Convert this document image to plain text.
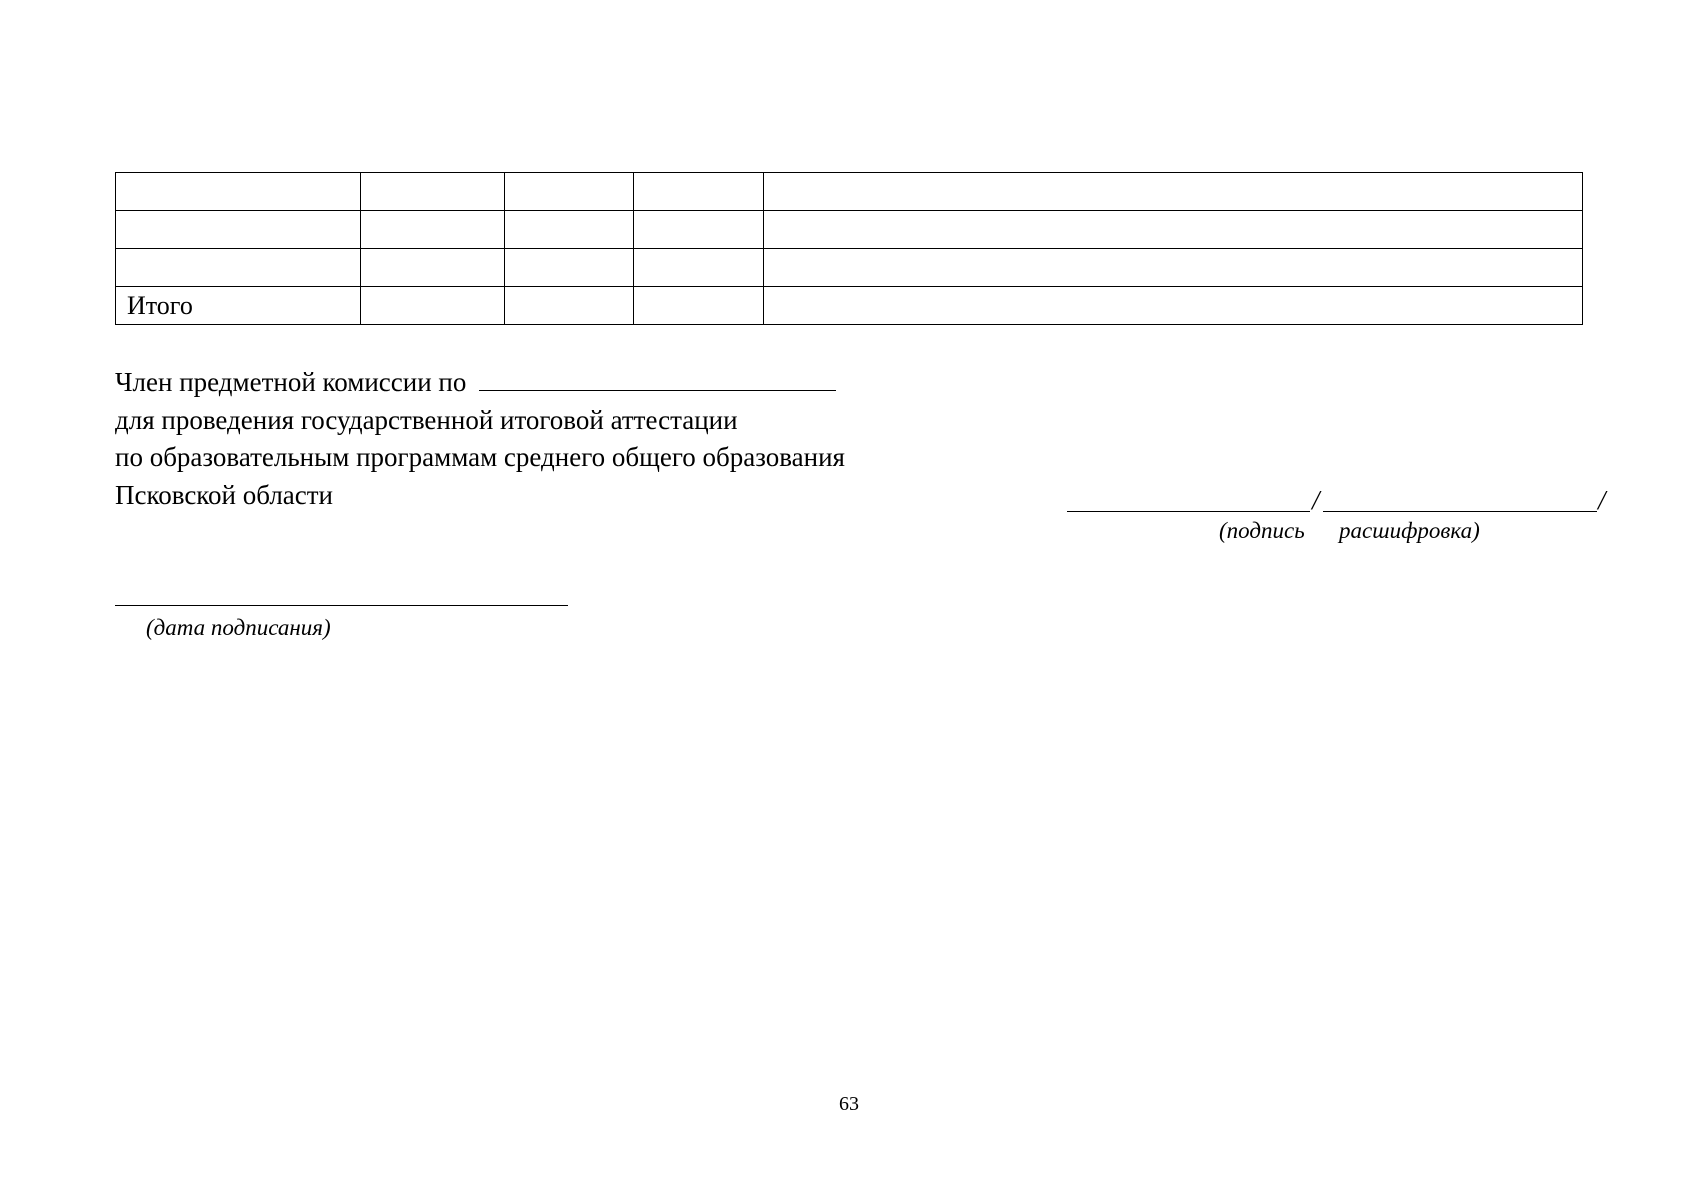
Итого				
Член предметной комиссии по
для проведения государственной итоговой аттестации
по образовательным программам среднего общего образования
Псковской области	/	/
(подпись расшифровка)
(дата подписания)
63
